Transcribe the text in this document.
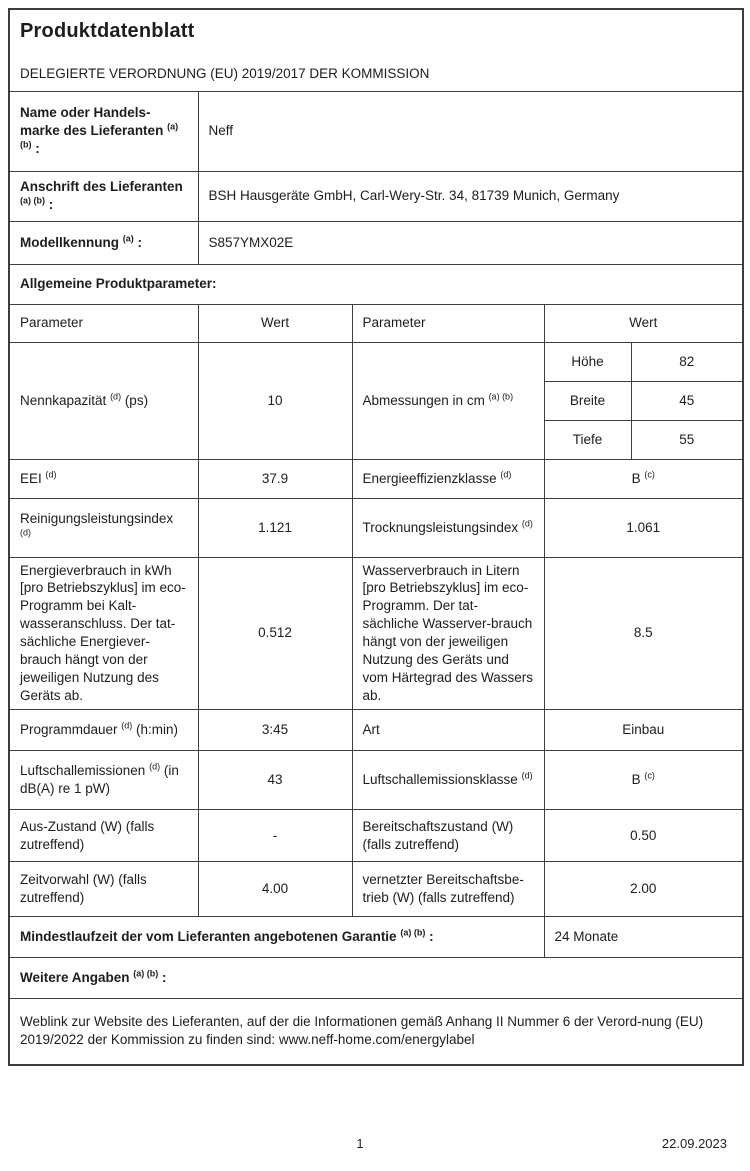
Produktdatenblatt
DELEGIERTE VERORDNUNG (EU) 2019/2017 DER KOMMISSION				

Name oder Handels-marke des Lieferanten $^{(a) (b)}$ :	Neff			
Anschrift des Lieferanten $^{(a) (b)}$ :	BSH Hausgeräte GmbH, Carl-Wery-Str. 34, 81739 Munich, Germany			
Modellkennung $^{(a)}$ :	S857YMX02E			
Allgemeine Produktparameter:				
Parameter	Wert	Parameter	Wert	
Nennkapazität $^{(d)}$ (ps)	10	Abmessungen in cm $^{(a) (b)}$	Höhe	82
			Breite	45
			Tiefe	55
EEI $^{(d)}$	37.9	Energieeffizienzklasse $^{(d)}$	B $^{(c)}$
Reinigungsleistungsindex $^{(d)}$	1.121	Trocknungsleistungsindex $^{(d)}$	1.061	
Energieverbrauch in kWh [pro Betriebszyklus] im eco-Programm bei Kalt-wasseranschluss. Der tat-sächliche Energiever-brauch hängt von der jeweiligen Nutzung des Geräts ab.	0.512	Wasserverbrauch in Litern [pro Betriebszyklus] im eco-Programm. Der tat-sächliche Wasserver-brauch hängt von der jeweiligen Nutzung des Geräts und vom Härtegrad des Wassers ab.	8.5	
Programmdauer $^{(d)}$ (h:min)	3:45	Art	Einbau	
Luftschallemissionen $^{(d)}$ (in dB(A) re 1 pW)	43	Luftschallemissionsklasse $^{(d)}$	B $^{(c)}$
Aus-Zustand (W) (falls zutreffend)	-	Bereitschaftszustand (W) (falls zutreffend)	0.50	
Zeitvorwahl (W) (falls zutreffend)	4.00	vernetzter Bereitschaftsbe-trieb (W) (falls zutreffend)	2.00	
Mindestlaufzeit der vom Lieferanten angebotenen Garantie $^{(a) (b)}$ :			24 Monate	
Weitere Angaben $^{(a) (b)}$ :				
Weblink zur Website des Lieferanten, auf der die Informationen gemäß Anhang II Nummer 6 der Verord-nung (EU) 2019/2022 der Kommission zu finden sind: www.neff-home.com/energylabel				
1	22.09.2023
